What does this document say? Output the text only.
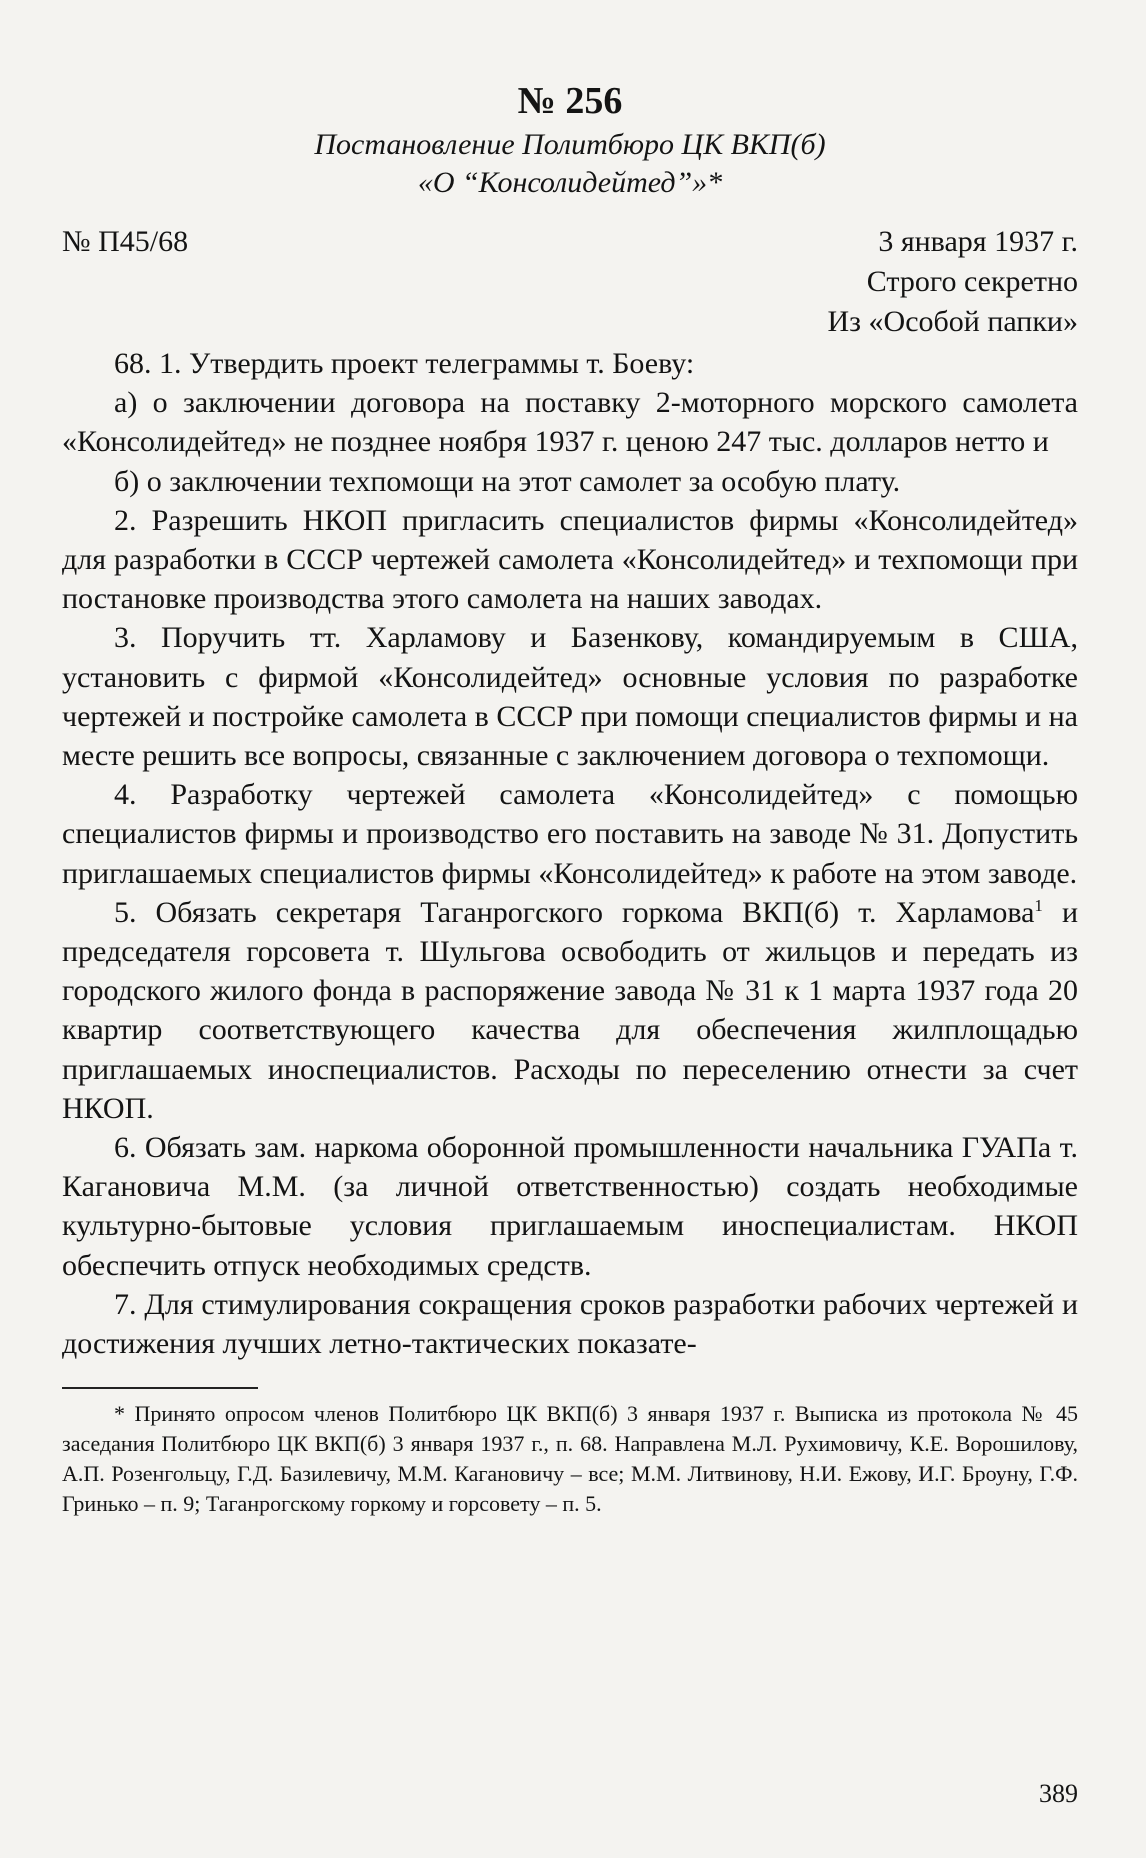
№ 256
Постановление Политбюро ЦК ВКП(б)
«О “Консолидейтед”»*
№ П45/68	3 января 1937 г.
Строго секретно
Из «Особой папки»

68. 1. Утвердить проект телеграммы т. Боеву:

а) о заключении договора на поставку 2-моторного морского самолета «Консолидейтед» не позднее ноября 1937 г. ценою 247 тыс. долларов нетто и

б) о заключении техпомощи на этот самолет за особую плату.

2. Разрешить НКОП пригласить специалистов фирмы «Консолидейтед» для разработки в СССР чертежей самолета «Консолидейтед» и техпомощи при постановке производства этого самолета на наших заводах.

3. Поручить тт. Харламову и Базенкову, командируемым в США, установить с фирмой «Консолидейтед» основные условия по разработке чертежей и постройке самолета в СССР при помощи специалистов фирмы и на месте решить все вопросы, связанные с заключением договора о техпомощи.

4. Разработку чертежей самолета «Консолидейтед» с помощью специалистов фирмы и производство его поставить на заводе № 31. Допустить приглашаемых специалистов фирмы «Консолидейтед» к работе на этом заводе.

5. Обязать секретаря Таганрогского горкома ВКП(б) т. Харламова$^1$ и председателя горсовета т. Шульгова освободить от жильцов и передать из городского жилого фонда в распоряжение завода № 31 к 1 марта 1937 года 20 квартир соответствующего качества для обеспечения жилплощадью приглашаемых иноспециалистов. Расходы по переселению отнести за счет НКОП.

6. Обязать зам. наркома оборонной промышленности начальника ГУАПа т. Кагановича М.М. (за личной ответственностью) создать необходимые культурно-бытовые условия приглашаемым иноспециалистам. НКОП обеспечить отпуск необходимых средств.

7. Для стимулирования сокращения сроков разработки рабочих чертежей и достижения лучших летно-тактических показате-

* Принято опросом членов Политбюро ЦК ВКП(б) 3 января 1937 г. Выписка из протокола № 45 заседания Политбюро ЦК ВКП(б) 3 января 1937 г., п. 68. Направлена М.Л. Рухимовичу, К.Е. Ворошилову, А.П. Розенгольцу, Г.Д. Базилевичу, М.М. Кагановичу – все; М.М. Литвинову, Н.И. Ежову, И.Г. Броуну, Г.Ф. Гринько – п. 9; Таганрогскому горкому и горсовету – п. 5.
389
